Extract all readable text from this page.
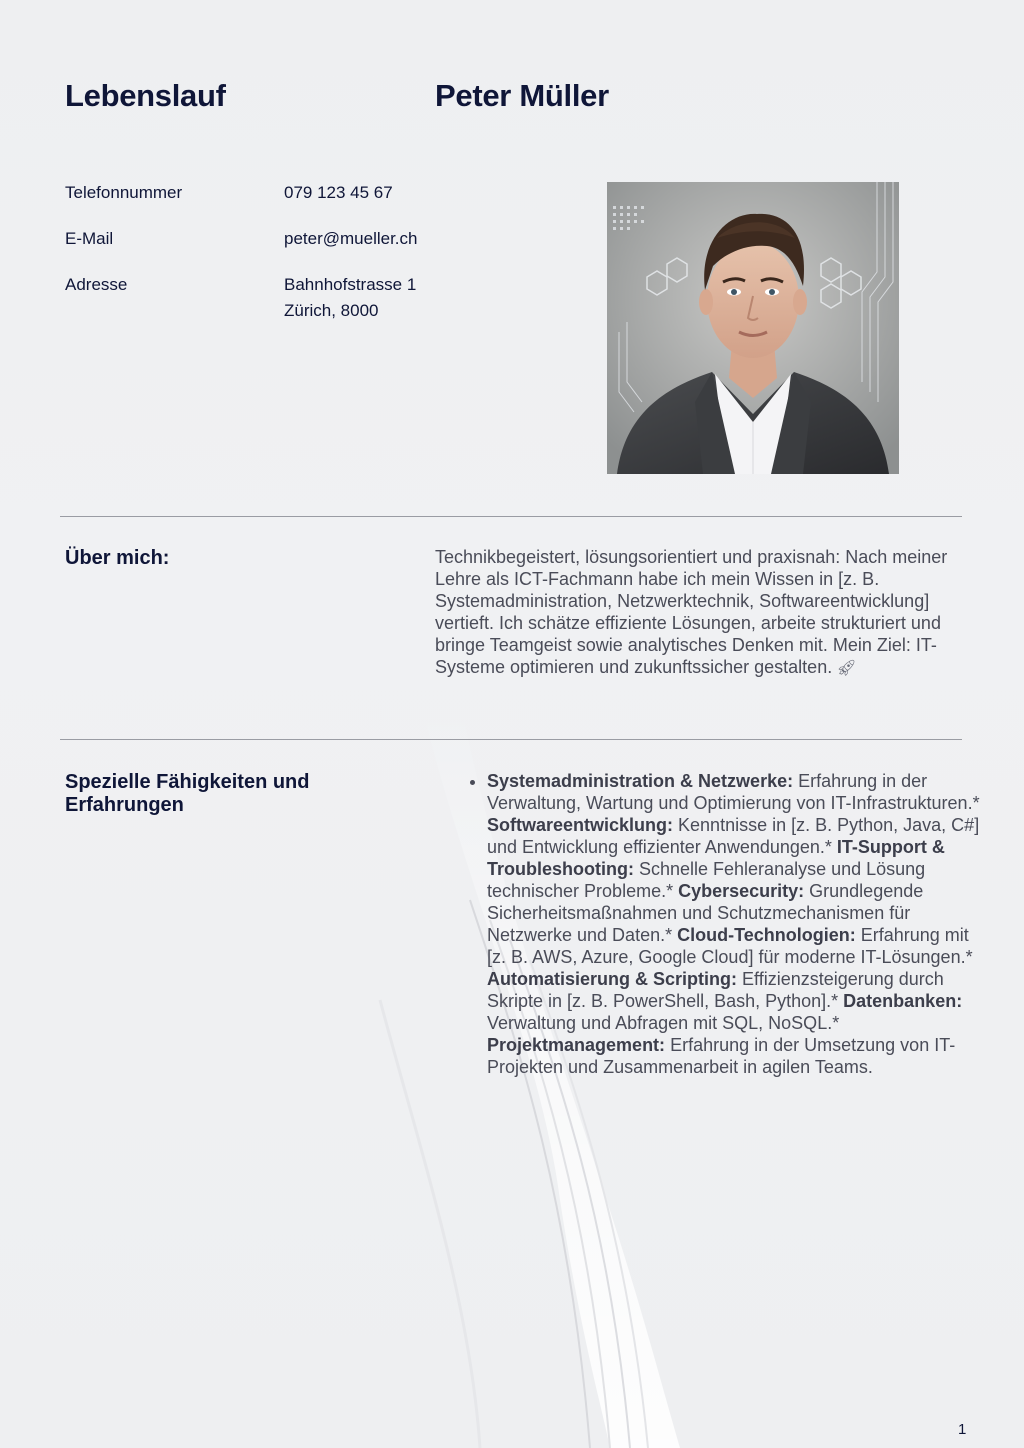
Lebenslauf	Peter Müller
Telefonnummer	079 123 45 67
E-Mail	peter@mueller.ch
Adresse	Bahnhofstrasse 1
Zürich, 8000
Über mich:	Technikbegeistert, lösungsorientiert und praxisnah: Nach meiner Lehre als ICT-Fachmann habe ich mein Wissen in [z. B. Systemadministration, Netzwerktechnik, Softwareentwicklung] vertieft. Ich schätze effiziente Lösungen, arbeite strukturiert und bringe Teamgeist sowie analytisches Denken mit. Mein Ziel: IT-Systeme optimieren und zukunftssicher gestalten. 🚀︎

Spezielle Fähigkeiten und Erfahrungen
• Systemadministration & Netzwerke: Erfahrung in der Verwaltung, Wartung und Optimierung von IT-Infrastrukturen.* Softwareentwicklung: Kenntnisse in [z. B. Python, Java, C#] und Entwicklung effizienter Anwendungen.* IT-Support & Troubleshooting: Schnelle Fehleranalyse und Lösung technischer Probleme.* Cybersecurity: Grundlegende Sicherheitsmaßnahmen und Schutzmechanismen für Netzwerke und Daten.* Cloud-Technologien: Erfahrung mit [z. B. AWS, Azure, Google Cloud] für moderne IT-Lösungen.* Automatisierung & Scripting: Effizienzsteigerung durch Skripte in [z. B. PowerShell, Bash, Python].* Datenbanken: Verwaltung und Abfragen mit SQL, NoSQL.* Projektmanagement: Erfahrung in der Umsetzung von IT-Projekten und Zusammenarbeit in agilen Teams.
1
